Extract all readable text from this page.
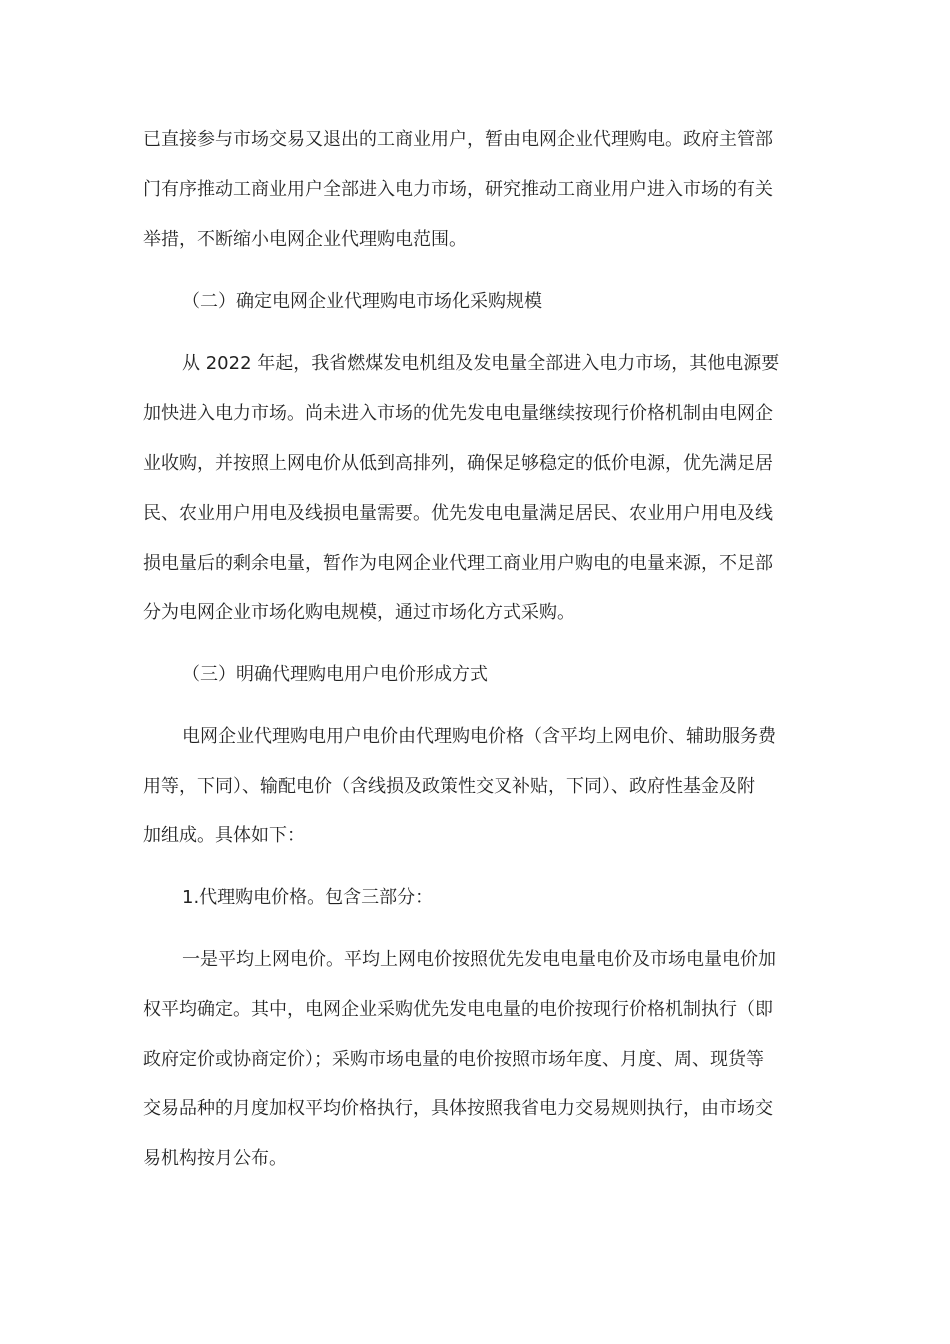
已直接参与市场交易又退出的工商业用户，暂由电网企业代理购电。政府主管部
门有序推动工商业用户全部进入电力市场，研究推动工商业用户进入市场的有关
举措，不断缩小电网企业代理购电范围。
（二）确定电网企业代理购电市场化采购规模
从 2022 年起，我省燃煤发电机组及发电量全部进入电力市场，其他电源要
加快进入电力市场。尚未进入市场的优先发电电量继续按现行价格机制由电网企
业收购，并按照上网电价从低到高排列，确保足够稳定的低价电源，优先满足居
民、农业用户用电及线损电量需要。优先发电电量满足居民、农业用户用电及线
损电量后的剩余电量，暂作为电网企业代理工商业用户购电的电量来源，不足部
分为电网企业市场化购电规模，通过市场化方式采购。
（三）明确代理购电用户电价形成方式
电网企业代理购电用户电价由代理购电价格（含平均上网电价、辅助服务费
用等，下同）、输配电价（含线损及政策性交叉补贴，下同）、政府性基金及附
加组成。具体如下：
1.代理购电价格。包含三部分：
一是平均上网电价。平均上网电价按照优先发电电量电价及市场电量电价加
权平均确定。其中，电网企业采购优先发电电量的电价按现行价格机制执行（即
政府定价或协商定价）；采购市场电量的电价按照市场年度、月度、周、现货等
交易品种的月度加权平均价格执行，具体按照我省电力交易规则执行，由市场交
易机构按月公布。
